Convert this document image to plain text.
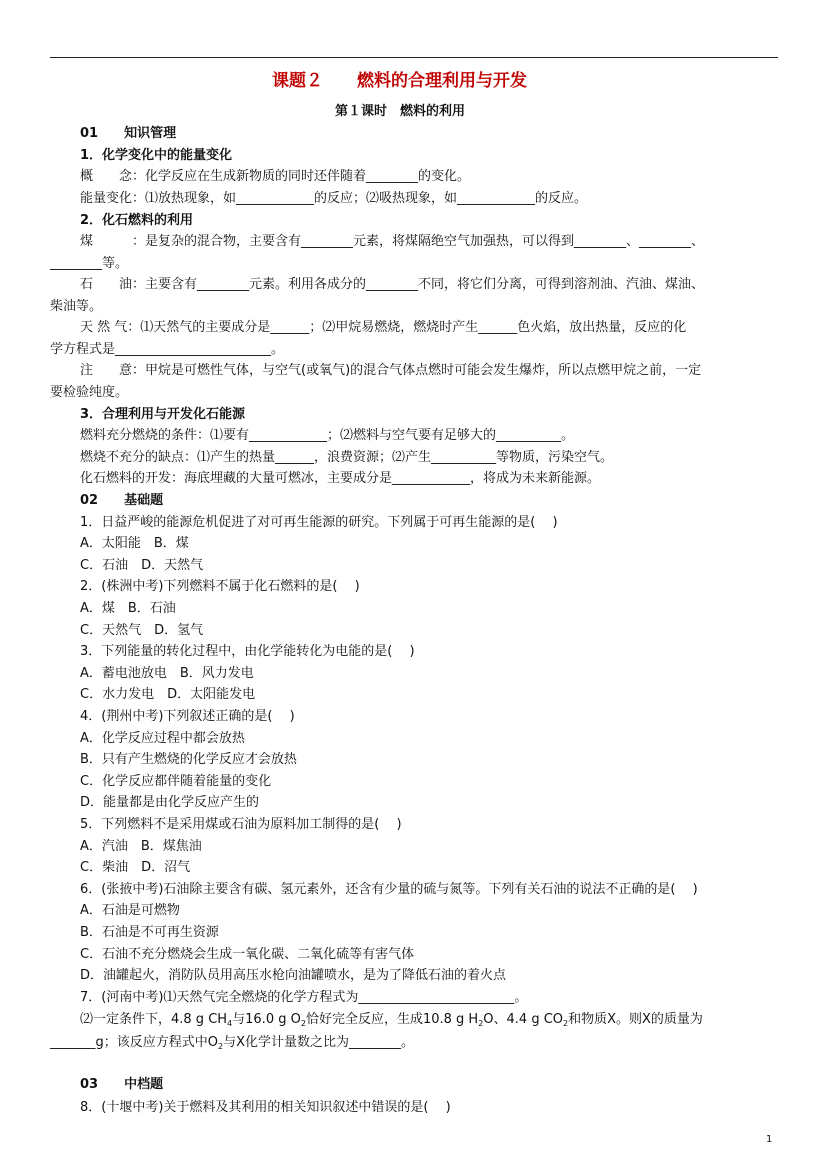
课题２　　燃料的合理利用与开发
第１课时　燃料的利用
01　　知识管理
1．化学变化中的能量变化
概　　念：化学反应在生成新物质的同时还伴随着________的变化。
能量变化：⑴放热现象，如____________的反应；⑵吸热现象，如____________的反应。
2．化石燃料的利用
煤　　　：是复杂的混合物，主要含有________元素，将煤隔绝空气加强热，可以得到________、________、
________等。
石　　油：主要含有________元素。利用各成分的________不同，将它们分离，可得到溶剂油、汽油、煤油、
柴油等。
天 然 气：⑴天然气的主要成分是______；⑵甲烷易燃烧，燃烧时产生______色火焰，放出热量，反应的化
学方程式是________________________。
注　　意：甲烷是可燃性气体，与空气(或氧气)的混合气体点燃时可能会发生爆炸，所以点燃甲烷之前，一定
要检验纯度。
3．合理利用与开发化石能源
燃料充分燃烧的条件：⑴要有____________；⑵燃料与空气要有足够大的__________。
燃烧不充分的缺点：⑴产生的热量______，浪费资源；⑵产生__________等物质，污染空气。
化石燃料的开发：海底埋藏的大量可燃冰，主要成分是____________，将成为未来新能源。
02　　基础题
1．日益严峻的能源危机促进了对可再生能源的研究。下列属于可再生能源的是(　 )
A．太阳能　B．煤
C．石油　D．天然气
2．(株洲中考)下列燃料不属于化石燃料的是(　 )
A．煤　B．石油
C．天然气　D．氢气
3．下列能量的转化过程中，由化学能转化为电能的是(　 )
A．蓄电池放电　B．风力发电
C．水力发电　D．太阳能发电
4．(荆州中考)下列叙述正确的是(　 )
A．化学反应过程中都会放热
B．只有产生燃烧的化学反应才会放热
C．化学反应都伴随着能量的变化
D．能量都是由化学反应产生的
5．下列燃料不是采用煤或石油为原料加工制得的是(　 )
A．汽油　B．煤焦油
C．柴油　D．沼气
6．(张掖中考)石油除主要含有碳、氢元素外，还含有少量的硫与氮等。下列有关石油的说法不正确的是(　 )
A．石油是可燃物
B．石油是不可再生资源
C．石油不充分燃烧会生成一氧化碳、二氧化硫等有害气体
D．油罐起火，消防队员用高压水枪向油罐喷水，是为了降低石油的着火点
7．(河南中考)⑴天然气完全燃烧的化学方程式为________________________。
⑵一定条件下，4.8 g $CH_4$与16.0 g $O_2$恰好完全反应，生成10.8 g $H_2O$、4.4 g $CO_2$和物质X。则X的质量为
_______g；该反应方程式中$O_2$与X化学计量数之比为________。
03　　中档题
8．(十堰中考)关于燃料及其利用的相关知识叙述中错误的是(　 )
1
